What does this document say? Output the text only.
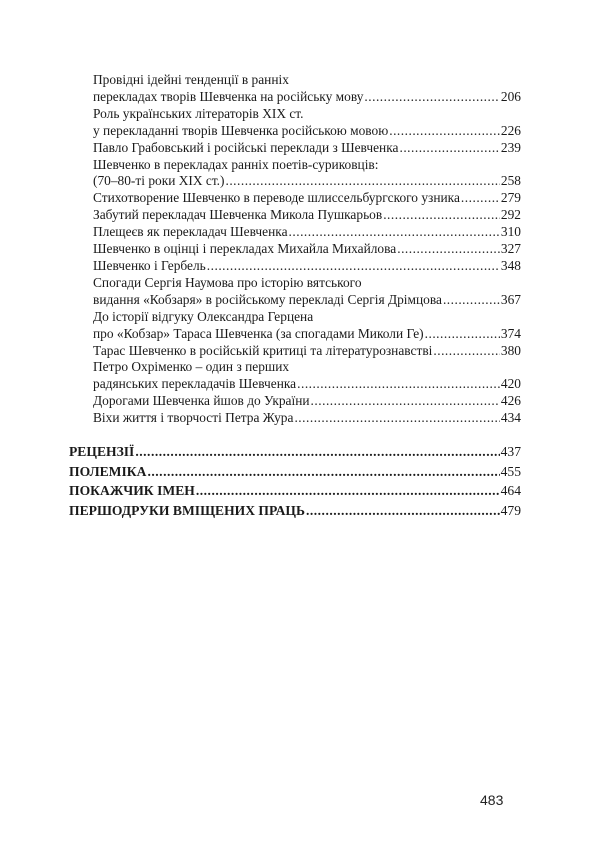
Провідні ідейні тенденції в ранніх
перекладах творів Шевченка на російську мову .....	206
Роль українських літераторів XIX ст.
у перекладанні творів Шевченка російською мовою .....	226
Павло Грабовський і російські переклади з Шевченка .....	239
Шевченко в перекладах ранніх поетів-суриковців:
(70–80-ті роки XIX ст.) .....	258
Стихотворение Шевченко в переводе шлиссельбургского узника .....	279
Забутий перекладач Шевченка Микола Пушкарьов .....	292
Плещеєв як перекладач Шевченка .....	310
Шевченко в оцінці і перекладах Михайла Михайлова .....	327
Шевченко і Гербель .....	348
Спогади Сергія Наумова про історію вятського
видання «Кобзаря» в російському перекладі Сергія Дрімцова .....	367
До історії відгуку Олександра Герцена
про «Кобзар» Тараса Шевченка (за спогадами Миколи Ге) .....	374
Тарас Шевченко в російській критиці та літературознавстві .....	380
Петро Охріменко – один з перших
радянських перекладачів Шевченка .....	420
Дорогами Шевченка йшов до України .....	426
Віхи життя і творчості Петра Жура .....	434
РЕЦЕНЗІЇ .....	437
ПОЛЕМІКА .....	455
ПОКАЖЧИК ІМЕН .....	464
ПЕРШОДРУКИ ВМІЩЕНИХ ПРАЦЬ .....	479
483
